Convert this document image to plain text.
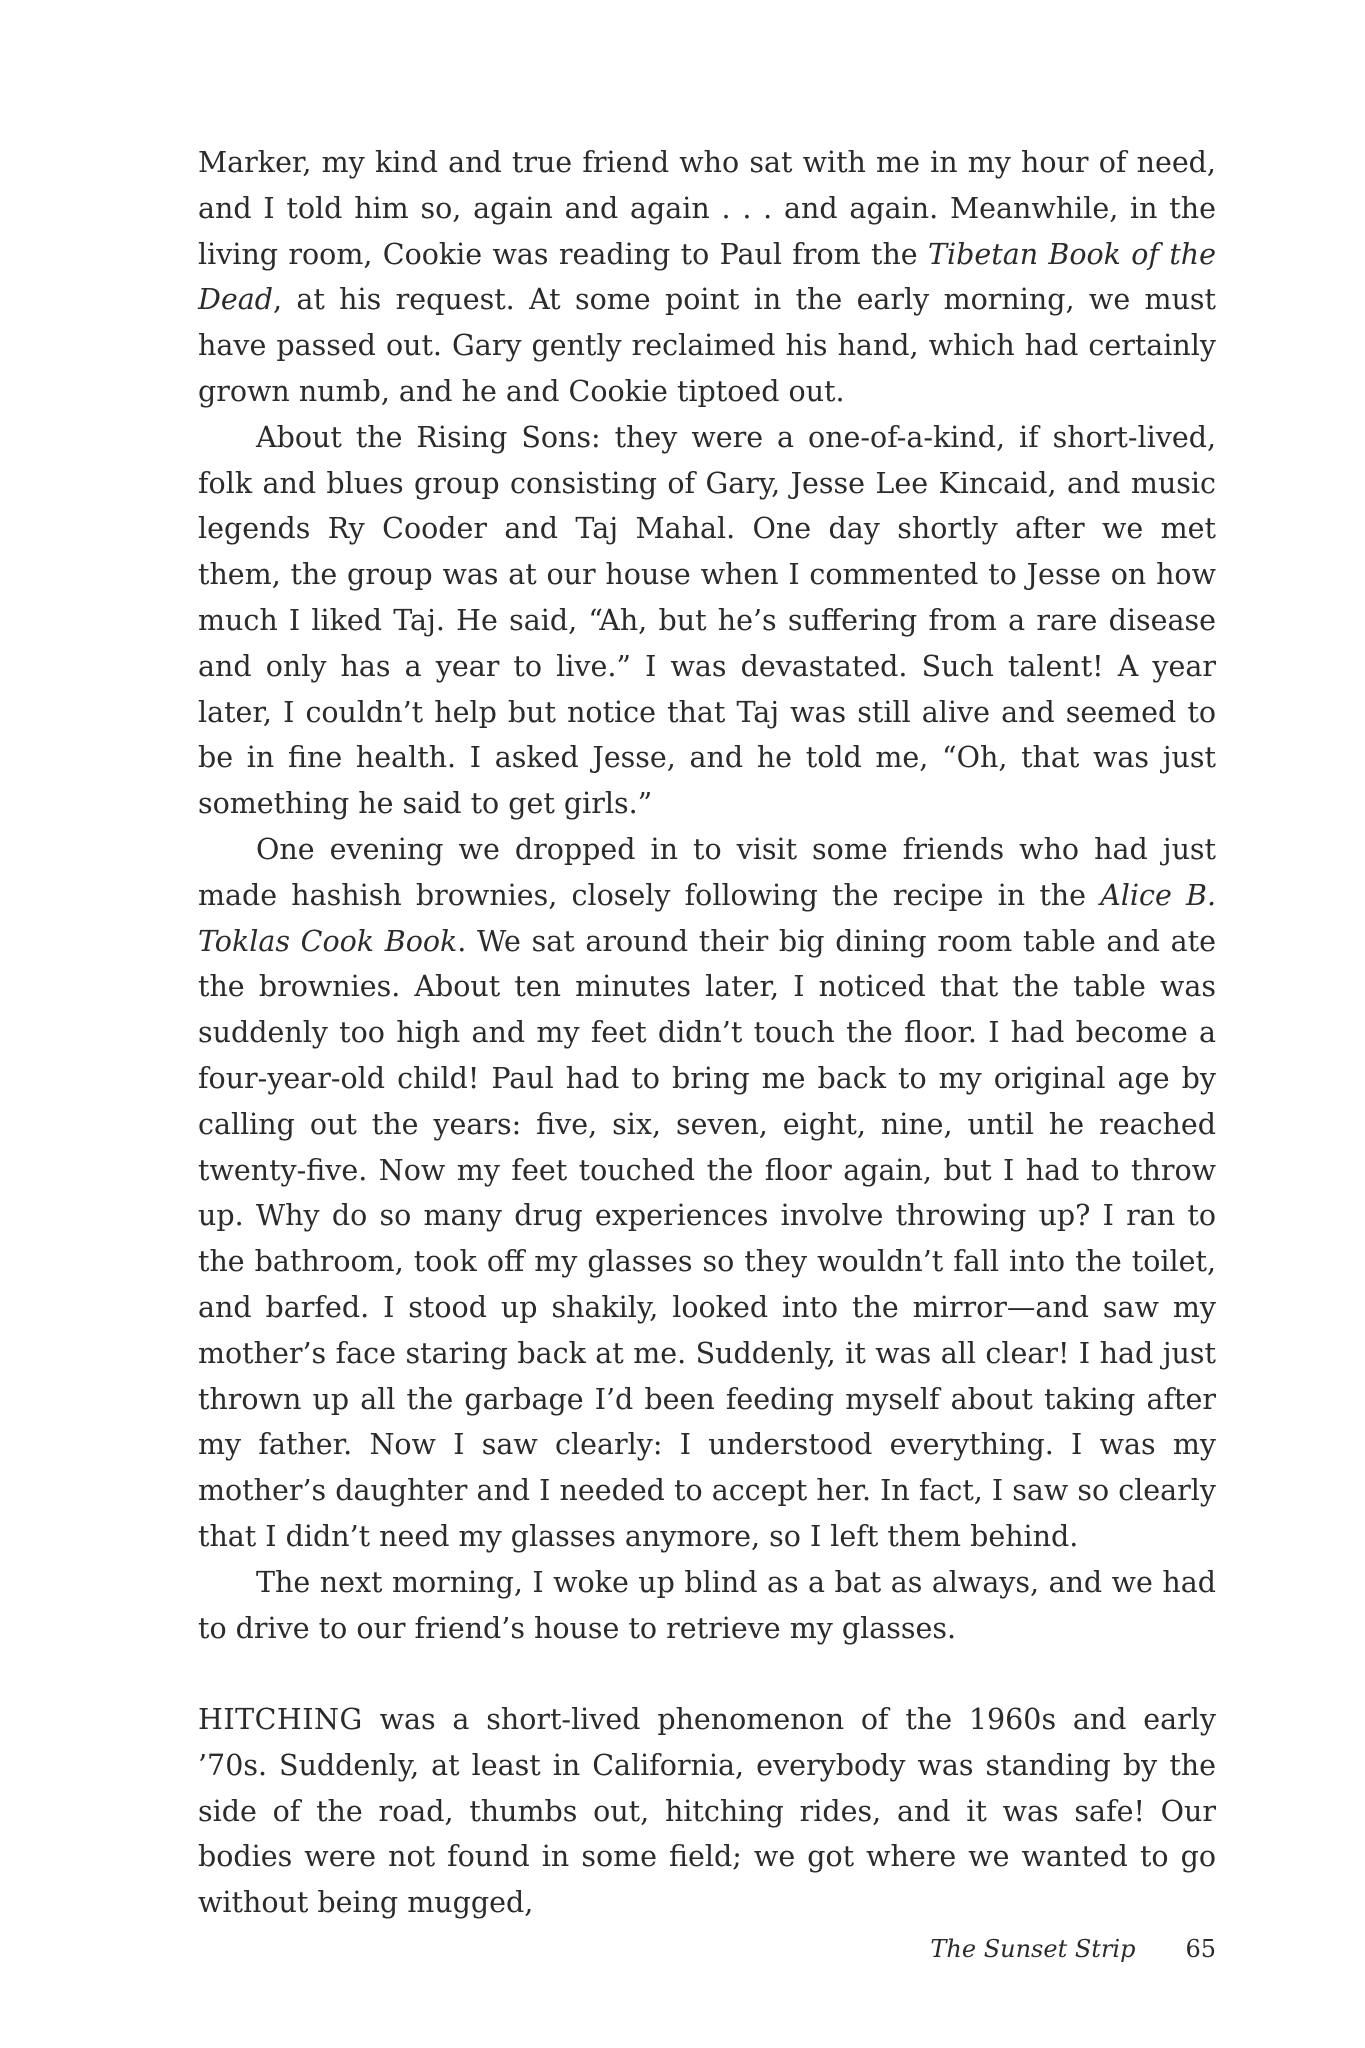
Marker, my kind and true friend who sat with me in my hour of need, and I told him so, again and again . . . and again. Meanwhile, in the living room, Cookie was reading to Paul from the Tibetan Book of the Dead, at his request. At some point in the early morning, we must have passed out. Gary gently reclaimed his hand, which had certainly grown numb, and he and Cookie tiptoed out.

About the Rising Sons: they were a one-of-a-kind, if short-lived, folk and blues group consisting of Gary, Jesse Lee Kincaid, and music legends Ry Cooder and Taj Mahal. One day shortly after we met them, the group was at our house when I commented to Jesse on how much I liked Taj. He said, “Ah, but he’s suffering from a rare disease and only has a year to live.” I was devastated. Such talent! A year later, I couldn’t help but notice that Taj was still alive and seemed to be in fine health. I asked Jesse, and he told me, “Oh, that was just something he said to get girls.”

One evening we dropped in to visit some friends who had just made hashish brownies, closely following the recipe in the Alice B. Toklas Cook Book. We sat around their big dining room table and ate the brownies. About ten minutes later, I noticed that the table was suddenly too high and my feet didn’t touch the floor. I had become a four-year-old child! Paul had to bring me back to my original age by calling out the years: five, six, seven, eight, nine, until he reached twenty-five. Now my feet touched the floor again, but I had to throw up. Why do so many drug experiences involve throwing up? I ran to the bathroom, took off my glasses so they wouldn’t fall into the toilet, and barfed. I stood up shakily, looked into the mirror—and saw my mother’s face staring back at me. Suddenly, it was all clear! I had just thrown up all the garbage I’d been feeding myself about taking after my father. Now I saw clearly: I understood everything. I was my mother’s daughter and I needed to accept her. In fact, I saw so clearly that I didn’t need my glasses anymore, so I left them behind.

The next morning, I woke up blind as a bat as always, and we had to drive to our friend’s house to retrieve my glasses.

HITCHING was a short-lived phenomenon of the 1960s and early ’70s. Suddenly, at least in California, everybody was standing by the side of the road, thumbs out, hitching rides, and it was safe! Our bodies were not found in some field; we got where we wanted to go without being mugged,

The Sunset Strip 65
